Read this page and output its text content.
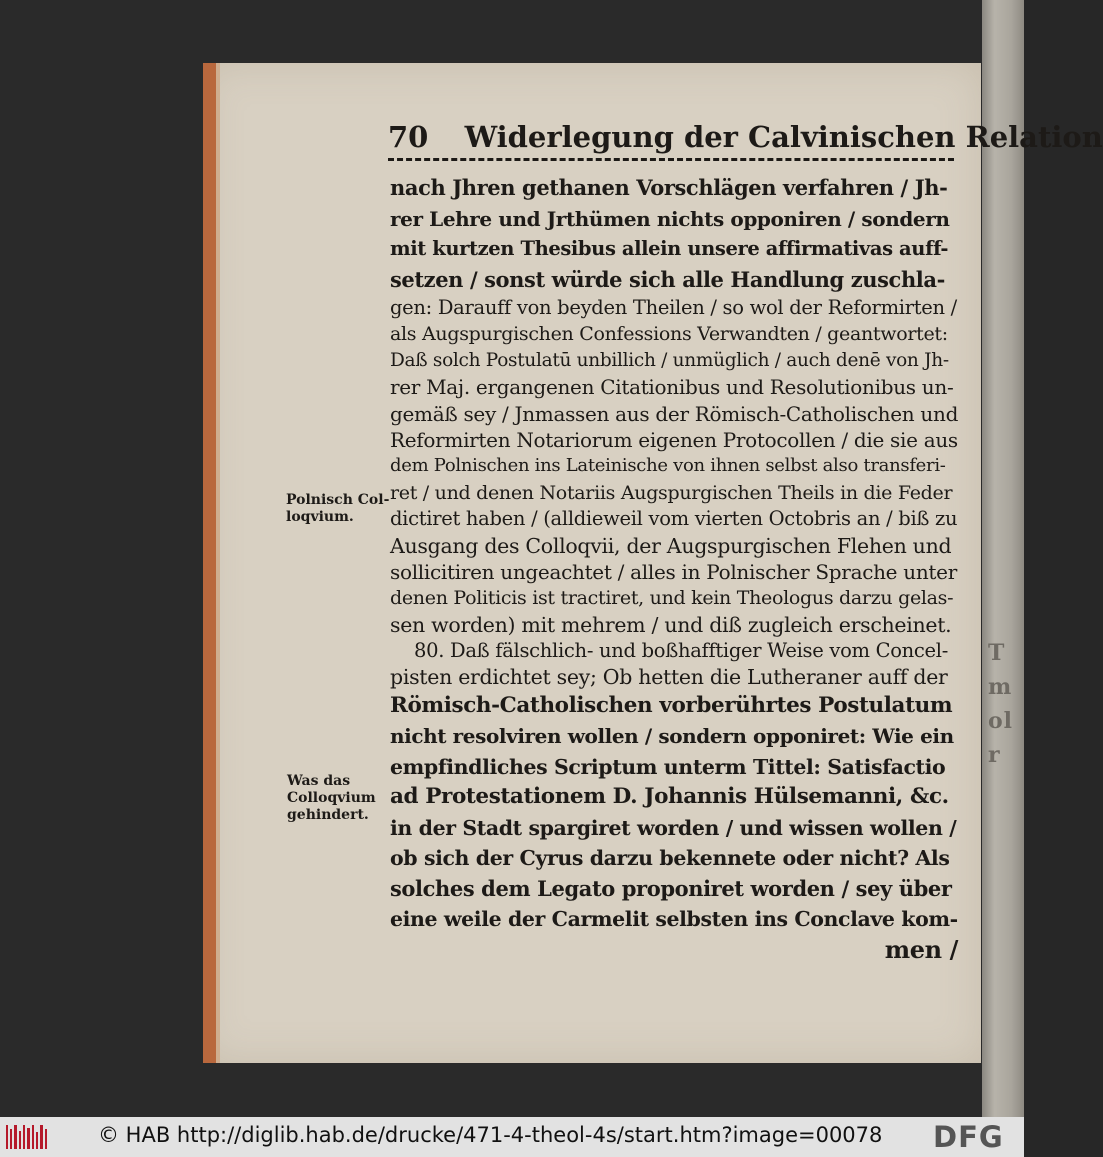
T
m
ol
r
70 Widerlegung der Calvinischen Relation
nach Jhren gethanen Vorschlägen verfahren / Jh-
rer Lehre und Jrthümen nichts opponiren / sondern
mit kurtzen Thesibus allein unsere affirmativas auff-
setzen / sonst würde sich alle Handlung zuschla-
gen: Darauff von beyden Theilen / so wol der Reformirten /
als Augspurgischen Confessions Verwandten / geantwortet:
Daß solch Postulatū unbillich / unmüglich / auch denē von Jh-
rer Maj. ergangenen Citationibus und Resolutionibus un-
gemäß sey / Jnmassen aus der Römisch-Catholischen und
Reformirten Notariorum eigenen Protocollen / die sie aus
dem Polnischen ins Lateinische von ihnen selbst also transferi-
ret / und denen Notariis Augspurgischen Theils in die Feder
dictiret haben / (alldieweil vom vierten Octobris an / biß zu
Ausgang des Colloqvii, der Augspurgischen Flehen und
sollicitiren ungeachtet / alles in Polnischer Sprache unter
denen Politicis ist tractiret, und kein Theologus darzu gelas-
sen worden) mit mehrem / und diß zugleich erscheinet.
80. Daß fälschlich- und boßhafftiger Weise vom Concel-
pisten erdichtet sey; Ob hetten die Lutheraner auff der
Römisch-Catholischen vorberührtes Postulatum
nicht resolviren wollen / sondern opponiret: Wie ein
empfindliches Scriptum unterm Tittel: Satisfactio
ad Protestationem D. Johannis Hülsemanni, &c.
in der Stadt spargiret worden / und wissen wollen /
ob sich der Cyrus darzu bekennete oder nicht? Als
solches dem Legato proponiret worden / sey über
eine weile der Carmelit selbsten ins Conclave kom-
men /
Polnisch Col-
loqvium.
Was das
Colloqvium
gehindert.
© HAB http://diglib.hab.de/drucke/471-4-theol-4s/start.htm?image=00078 DFG
